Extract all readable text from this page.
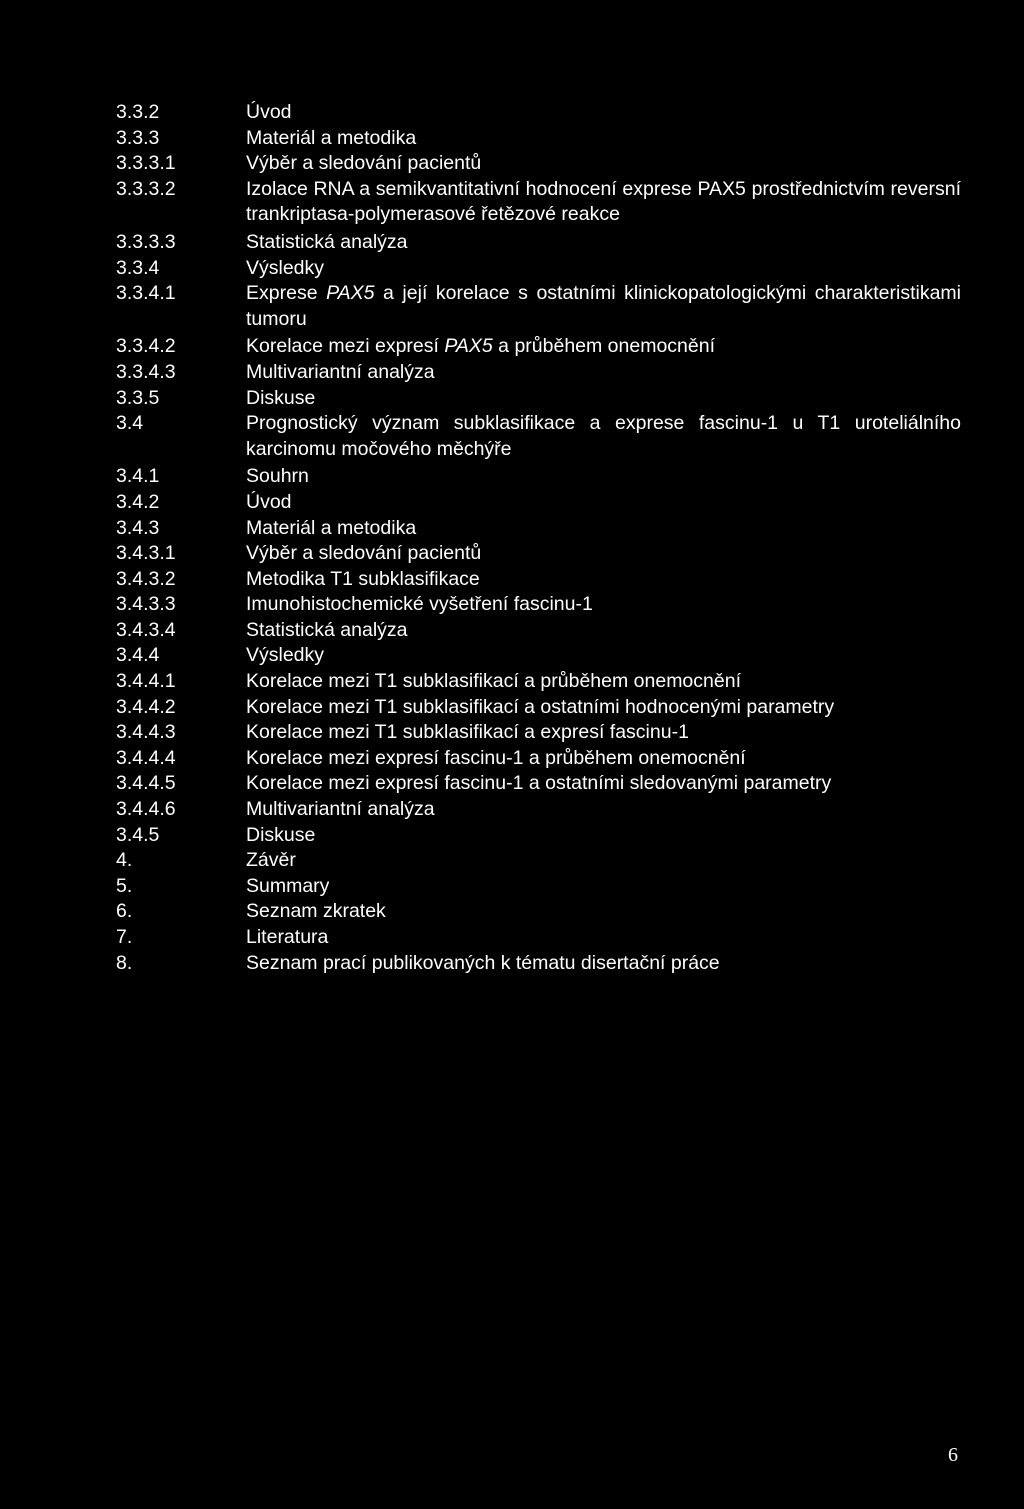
3.3.2	Úvod
3.3.3	Materiál a metodika
3.3.3.1	Výběr a sledování pacientů
3.3.3.2	Izolace RNA a semikvantitativní hodnocení exprese PAX5 prostřednictvím reversní trankriptasa-polymerasové řetězové reakce
3.3.3.3	Statistická analýza
3.3.4	Výsledky
3.3.4.1	Exprese PAX5 a její korelace s ostatními klinickopatologickými charakteristikami tumoru
3.3.4.2	Korelace mezi expresí PAX5 a průběhem onemocnění
3.3.4.3	Multivariantní analýza
3.3.5	Diskuse
3.4	Prognostický význam subklasifikace a exprese fascinu-1 u T1 uroteliálního karcinomu močového měchýře
3.4.1	Souhrn
3.4.2	Úvod
3.4.3	Materiál a metodika
3.4.3.1	Výběr a sledování pacientů
3.4.3.2	Metodika T1 subklasifikace
3.4.3.3	Imunohistochemické vyšetření fascinu-1
3.4.3.4	Statistická analýza
3.4.4	Výsledky
3.4.4.1	Korelace mezi T1 subklasifikací a průběhem onemocnění
3.4.4.2	Korelace mezi T1 subklasifikací a ostatními hodnocenými parametry
3.4.4.3	Korelace mezi T1 subklasifikací a expresí fascinu-1
3.4.4.4	Korelace mezi expresí fascinu-1 a průběhem onemocnění
3.4.4.5	Korelace mezi expresí fascinu-1 a ostatními sledovanými parametry
3.4.4.6	Multivariantní analýza
3.4.5	Diskuse
4.	Závěr
5.	Summary
6.	Seznam zkratek
7.	Literatura
8.	Seznam prací publikovaných k tématu disertační práce
6
